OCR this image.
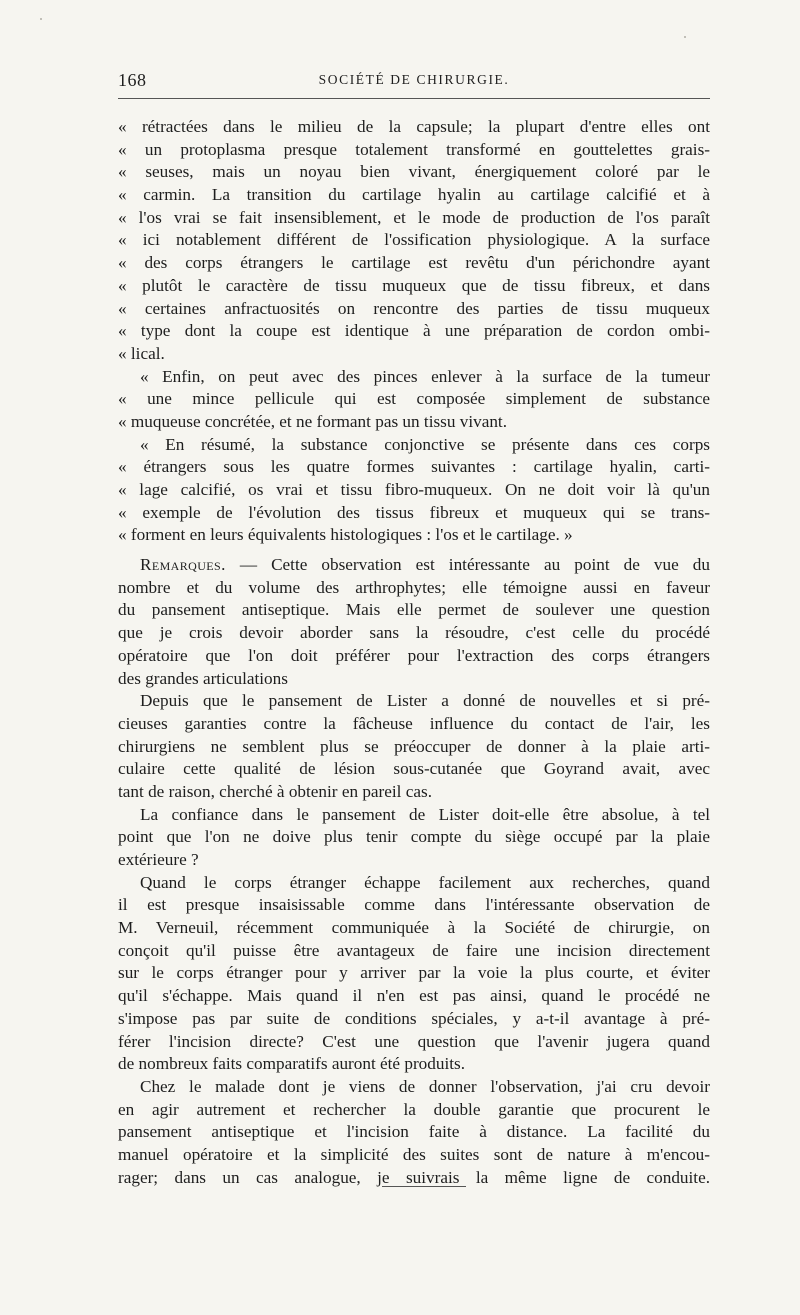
168	SOCIÉTÉ DE CHIRURGIE.
« rétractées dans le milieu de la capsule; la plupart d'entre elles ont
« un protoplasma presque totalement transformé en gouttelettes grais-
« seuses, mais un noyau bien vivant, énergiquement coloré par le
« carmin. La transition du cartilage hyalin au cartilage calcifié et à
« l'os vrai se fait insensiblement, et le mode de production de l'os paraît
« ici notablement différent de l'ossification physiologique. A la surface
« des corps étrangers le cartilage est revêtu d'un périchondre ayant
« plutôt le caractère de tissu muqueux que de tissu fibreux, et dans
« certaines anfractuosités on rencontre des parties de tissu muqueux
« type dont la coupe est identique à une préparation de cordon ombi-
« lical.
« Enfin, on peut avec des pinces enlever à la surface de la tumeur
« une mince pellicule qui est composée simplement de substance
« muqueuse concrétée, et ne formant pas un tissu vivant.
« En résumé, la substance conjonctive se présente dans ces corps
« étrangers sous les quatre formes suivantes : cartilage hyalin, carti-
« lage calcifié, os vrai et tissu fibro-muqueux. On ne doit voir là qu'un
« exemple de l'évolution des tissus fibreux et muqueux qui se trans-
« forment en leurs équivalents histologiques : l'os et le cartilage. »
Remarques. — Cette observation est intéressante au point de vue du
nombre et du volume des arthrophytes; elle témoigne aussi en faveur
du pansement antiseptique. Mais elle permet de soulever une question
que je crois devoir aborder sans la résoudre, c'est celle du procédé
opératoire que l'on doit préférer pour l'extraction des corps étrangers
des grandes articulations
Depuis que le pansement de Lister a donné de nouvelles et si pré-
cieuses garanties contre la fâcheuse influence du contact de l'air, les
chirurgiens ne semblent plus se préoccuper de donner à la plaie arti-
culaire cette qualité de lésion sous-cutanée que Goyrand avait, avec
tant de raison, cherché à obtenir en pareil cas.
La confiance dans le pansement de Lister doit-elle être absolue, à tel
point que l'on ne doive plus tenir compte du siège occupé par la plaie
extérieure ?
Quand le corps étranger échappe facilement aux recherches, quand
il est presque insaisissable comme dans l'intéressante observation de
M. Verneuil, récemment communiquée à la Société de chirurgie, on
conçoit qu'il puisse être avantageux de faire une incision directement
sur le corps étranger pour y arriver par la voie la plus courte, et éviter
qu'il s'échappe. Mais quand il n'en est pas ainsi, quand le procédé ne
s'impose pas par suite de conditions spéciales, y a-t-il avantage à pré-
férer l'incision directe? C'est une question que l'avenir jugera quand
de nombreux faits comparatifs auront été produits.
Chez le malade dont je viens de donner l'observation, j'ai cru devoir
en agir autrement et rechercher la double garantie que procurent le
pansement antiseptique et l'incision faite à distance. La facilité du
manuel opératoire et la simplicité des suites sont de nature à m'encou-
rager; dans un cas analogue, je suivrais la même ligne de conduite.
